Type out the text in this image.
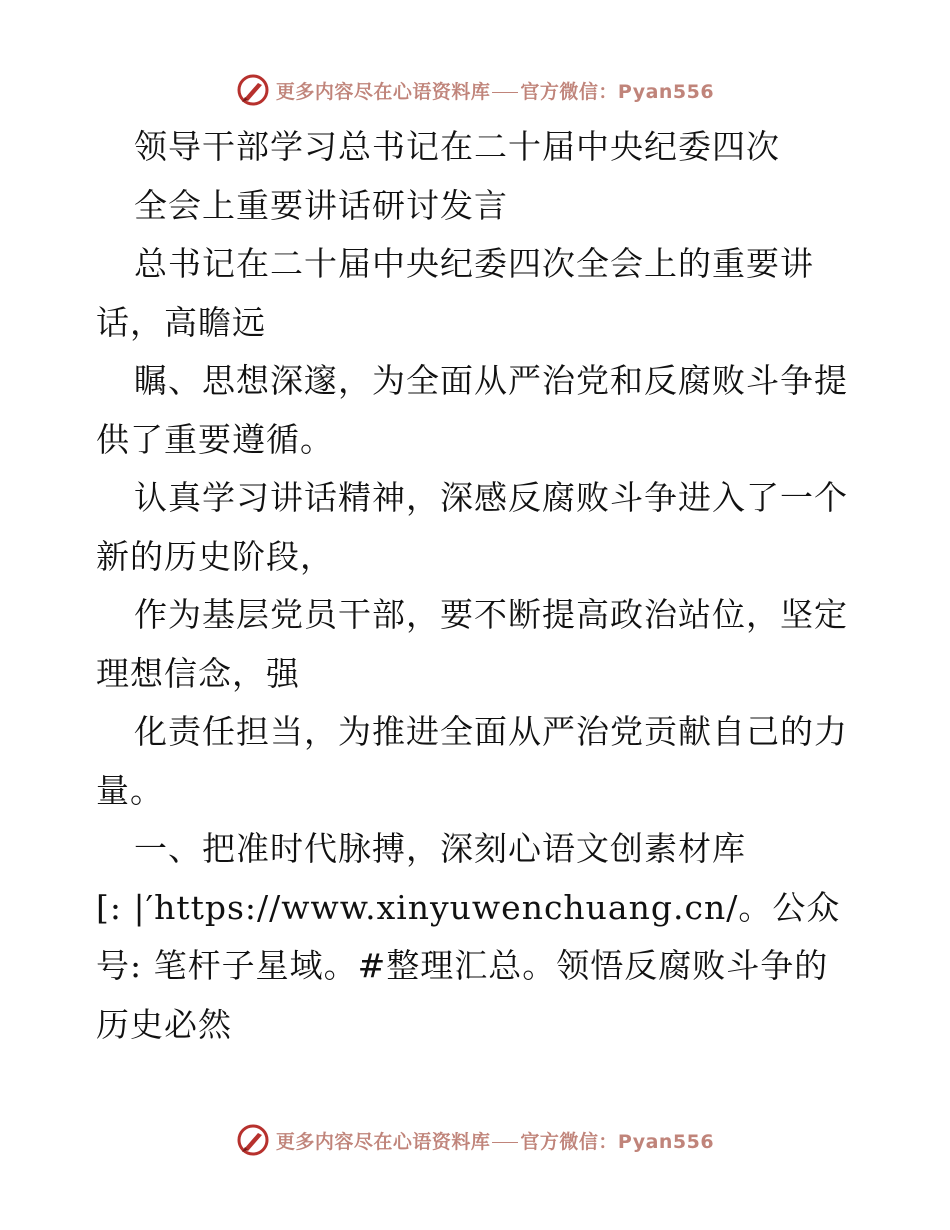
更多内容尽在心语资料库 官方微信：Pyan556
领导干部学习总书记在二十届中央纪委四次
全会上重要讲话研讨发言
总书记在二十届中央纪委四次全会上的重要讲
话，高瞻远
瞩、思想深邃，为全面从严治党和反腐败斗争提
供了重要遵循。
认真学习讲话精神，深感反腐败斗争进入了一个
新的历史阶段，
作为基层党员干部，要不断提高政治站位，坚定
理想信念，强
化责任担当，为推进全面从严治党贡献自己的力
量。
一、把准时代脉搏，深刻心语文创素材库
[: |′https://www.xinyuwenchuang.cn/。公众
号: 笔杆子星域。#整理汇总。领悟反腐败斗争的
历史必然
更多内容尽在心语资料库 官方微信：Pyan556
